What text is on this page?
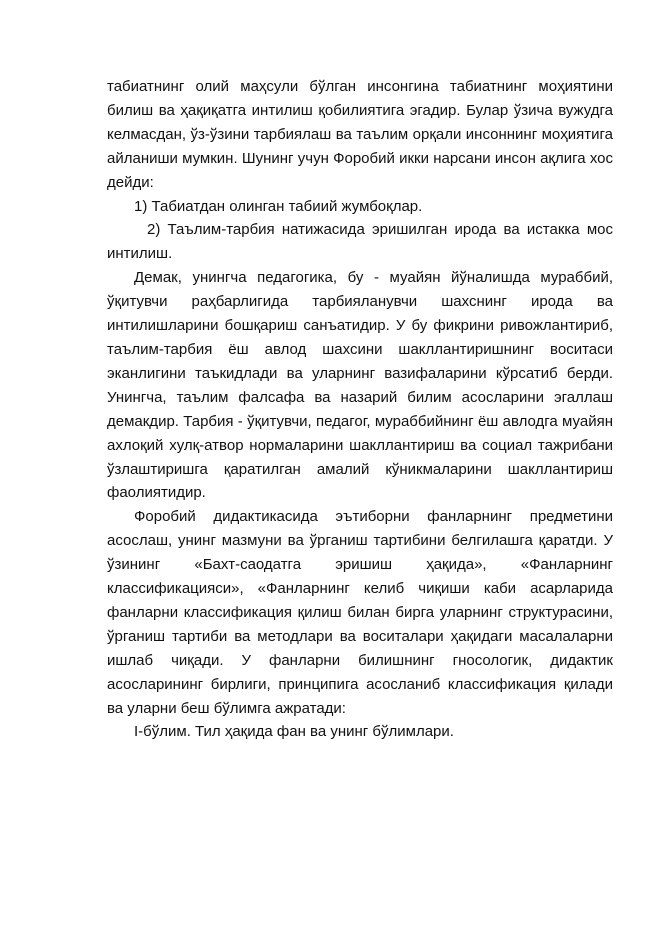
табиатнинг олий маҳсули бўлган инсонгина табиатнинг моҳиятини билиш ва ҳақиқатга интилиш қобилиятига эгадир. Булар ўзича вужудга келмасдан, ўз-ўзини тарбиялаш ва таълим орқали инсоннинг моҳиятига айланиши мумкин. Шунинг учун Форобий икки нарсани инсон ақлига хос дейди:

1) Табиатдан олинган табиий жумбоқлар.

2) Таълим-тарбия натижасида эришилган ирода ва истакка мос интилиш.

Демак, унингча педагогика, бу - муайян йўналишда мураббий, ўқитувчи раҳбарлигида тарбияланувчи шахснинг ирода ва интилишларини бошқариш санъатидир. У бу фикрини ривожлантириб, таълим-тарбия ёш авлод шахсини шакллантиришнинг воситаси эканлигини таъкидлади ва уларнинг вазифаларини кўрсатиб берди. Унингча, таълим фалсафа ва назарий билим асосларини эгаллаш демакдир. Тарбия - ўқитувчи, педагог, мураббийнинг ёш авлодга муайян ахлоқий хулқ-атвор нормаларини шакллантириш ва социал тажрибани ўзлаштиришга қаратилган амалий кўникмаларини шакллантириш фаолиятидир.

Форобий дидактикасида эътиборни фанларнинг предметини асослаш, унинг мазмуни ва ўрганиш тартибини белгилашга қаратди. У ўзининг «Бахт-саодатга эришиш ҳақида», «Фанларнинг классификацияси», «Фанларнинг келиб чиқиши каби асарларида фанларни классификация қилиш билан бирга уларнинг структурасини, ўрганиш тартиби ва методлари ва воситалари ҳақидаги масалаларни ишлаб чиқади. У фанларни билишнинг гносологик, дидактик асосларининг бирлиги, принципига асосланиб классификация қилади ва уларни беш бўлимга ажратади:

I-бўлим. Тил ҳақида фан ва унинг бўлимлари.
